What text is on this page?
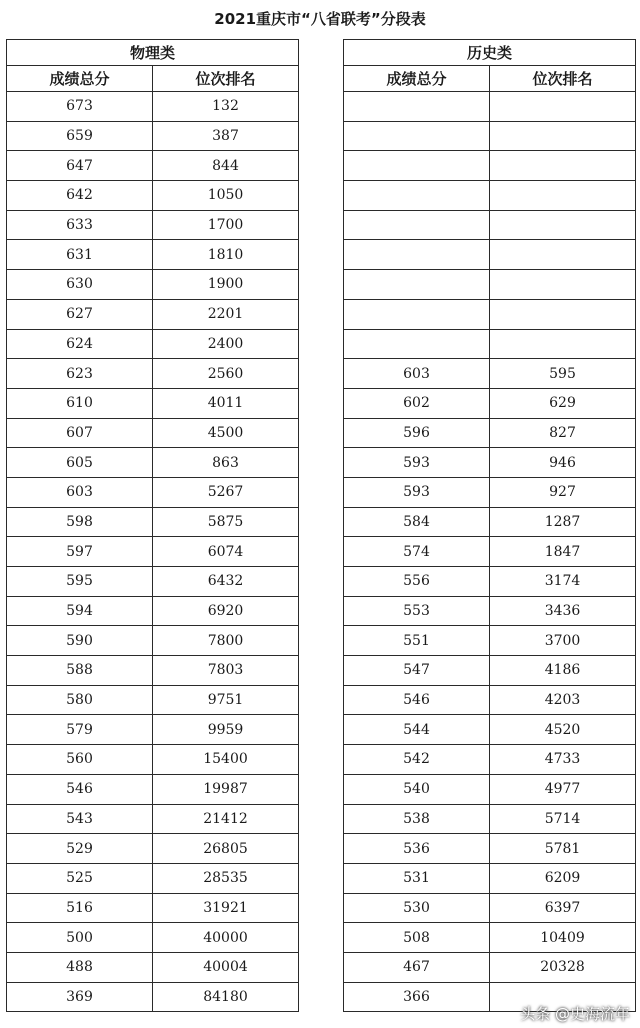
2021重庆市“八省联考”分段表
物理类	
成绩总分	位次排名
673	132
659	387
647	844
642	1050
633	1700
631	1810
630	1900
627	2201
624	2400
623	2560
610	4011
607	4500
605	863
603	5267
598	5875
597	6074
595	6432
594	6920
590	7800
588	7803
580	9751
579	9959
560	15400
546	19987
543	21412
529	26805
525	28535
516	31921
500	40000
488	40004
369	84180
历史类	
成绩总分	位次排名

603	595
602	629
596	827
593	946
593	927
584	1287
574	1847
556	3174
553	3436
551	3700
547	4186
546	4203
544	4520
542	4733
540	4977
538	5714
536	5781
531	6209
530	6397
508	10409
467	20328
366	
头条 @史海流年
